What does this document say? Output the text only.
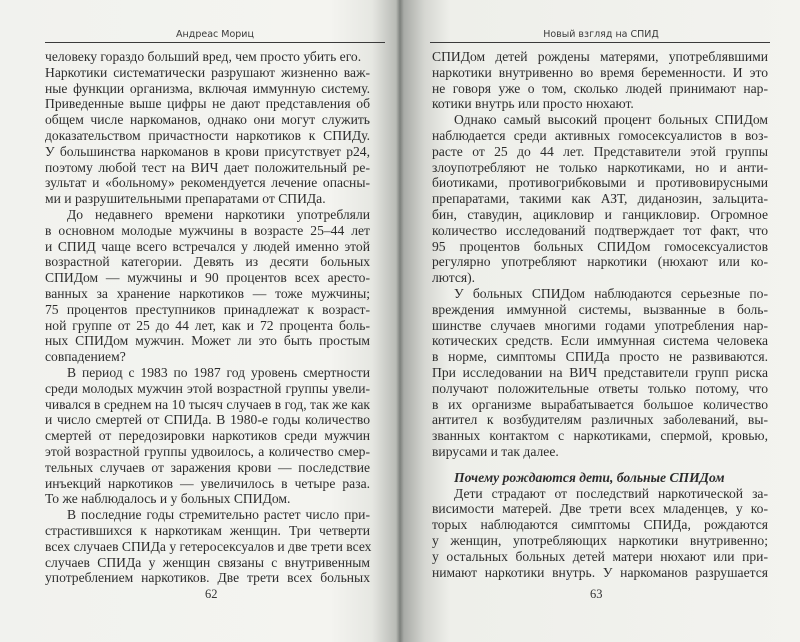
Андреас Мориц
человеку гораздо больший вред, чем просто убить его.
Наркотики систематически разрушают жизненно важ-
ные функции организма, включая иммунную систему.
Приведенные выше цифры не дают представления об
общем числе наркоманов, однако они могут служить
доказательством причастности наркотиков к СПИДу.
У большинства наркоманов в крови присутствует p24,
поэтому любой тест на ВИЧ дает положительный ре-
зультат и «больному» рекомендуется лечение опасны-
ми и разрушительными препаратами от СПИДа.
До недавнего времени наркотики употребляли
в основном молодые мужчины в возрасте 25–44 лет
и СПИД чаще всего встречался у людей именно этой
возрастной категории. Девять из десяти больных
СПИДом — мужчины и 90 процентов всех аресто-
ванных за хранение наркотиков — тоже мужчины;
75 процентов преступников принадлежат к возраст-
ной группе от 25 до 44 лет, как и 72 процента боль-
ных СПИДом мужчин. Может ли это быть простым
совпадением?
В период с 1983 по 1987 год уровень смертности
среди молодых мужчин этой возрастной группы увели-
чивался в среднем на 10 тысяч случаев в год, так же как
и число смертей от СПИДа. В 1980-е годы количество
смертей от передозировки наркотиков среди мужчин
этой возрастной группы удвоилось, а количество смер-
тельных случаев от заражения крови — последствие
инъекций наркотиков — увеличилось в четыре раза.
То же наблюдалось и у больных СПИДом.
В последние годы стремительно растет число при-
страстившихся к наркотикам женщин. Три четверти
всех случаев СПИДа у гетеросексуалов и две трети всех
случаев СПИДа у женщин связаны с внутривенным
употреблением наркотиков. Две трети всех больных
62
Новый взгляд на СПИД
СПИДом детей рождены матерями, употреблявшими
наркотики внутривенно во время беременности. И это
не говоря уже о том, сколько людей принимают нар-
котики внутрь или просто нюхают.
Однако самый высокий процент больных СПИДом
наблюдается среди активных гомосексуалистов в воз-
расте от 25 до 44 лет. Представители этой группы
злоупотребляют не только наркотиками, но и анти-
биотиками, противогрибковыми и противовирусными
препаратами, такими как АЗТ, диданозин, зальцита-
бин, ставудин, ацикловир и ганцикловир. Огромное
количество исследований подтверждает тот факт, что
95 процентов больных СПИДом гомосексуалистов
регулярно употребляют наркотики (нюхают или ко-
лются).
У больных СПИДом наблюдаются серьезные по-
вреждения иммунной системы, вызванные в боль-
шинстве случаев многими годами употребления нар-
котических средств. Если иммунная система человека
в норме, симптомы СПИДа просто не развиваются.
При исследовании на ВИЧ представители групп риска
получают положительные ответы только потому, что
в их организме вырабатывается большое количество
антител к возбудителям различных заболеваний, вы-
званных контактом с наркотиками, спермой, кровью,
вирусами и так далее.
Почему рождаются дети, больные СПИДом
Дети страдают от последствий наркотической за-
висимости матерей. Две трети всех младенцев, у ко-
торых наблюдаются симптомы СПИДа, рождаются
у женщин, употребляющих наркотики внутривенно;
у остальных больных детей матери нюхают или при-
нимают наркотики внутрь. У наркоманов разрушается
63
